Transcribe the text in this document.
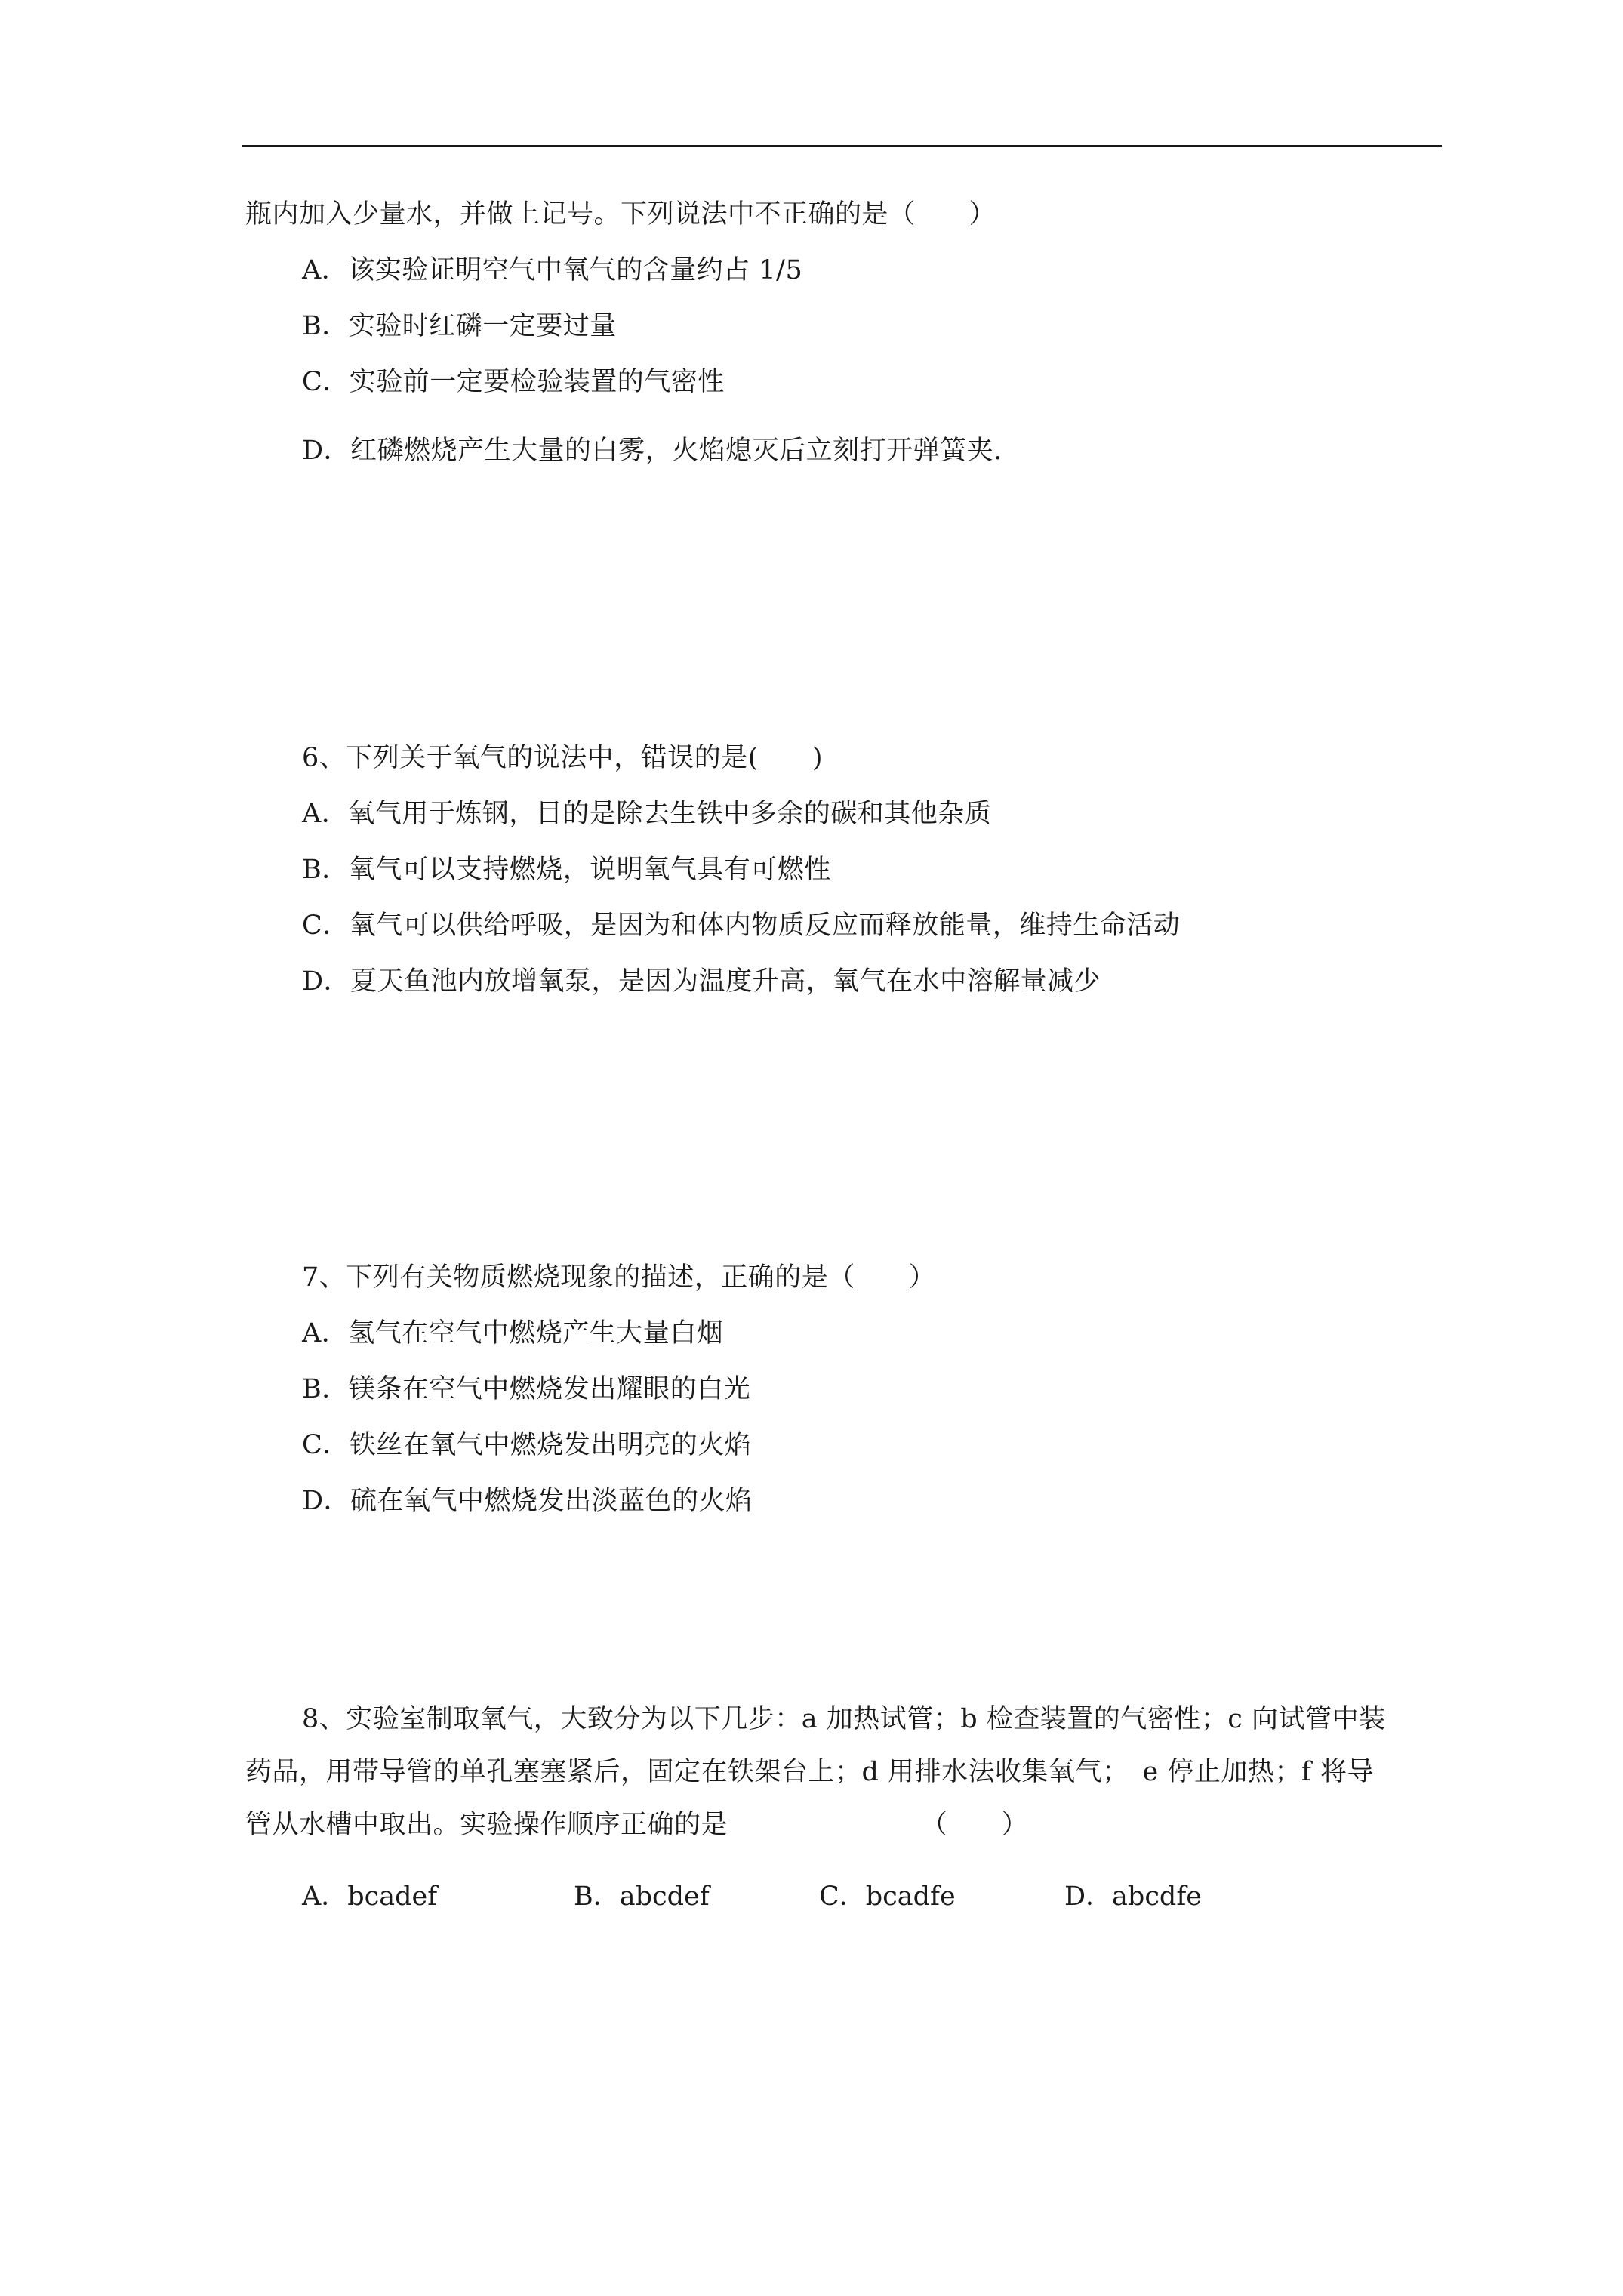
瓶内加入少量水，并做上记号。下列说法中不正确的是（　　）
A．该实验证明空气中氧气的含量约占 1/5
B．实验时红磷一定要过量
C．实验前一定要检验装置的气密性
D．红磷燃烧产生大量的白雾，火焰熄灭后立刻打开弹簧夹.
6、下列关于氧气的说法中，错误的是(　　)
A．氧气用于炼钢，目的是除去生铁中多余的碳和其他杂质
B．氧气可以支持燃烧，说明氧气具有可燃性
C．氧气可以供给呼吸，是因为和体内物质反应而释放能量，维持生命活动
D．夏天鱼池内放增氧泵，是因为温度升高，氧气在水中溶解量减少
7、下列有关物质燃烧现象的描述，正确的是（　　）
A．氢气在空气中燃烧产生大量白烟
B．镁条在空气中燃烧发出耀眼的白光
C．铁丝在氧气中燃烧发出明亮的火焰
D．硫在氧气中燃烧发出淡蓝色的火焰
8、实验室制取氧气，大致分为以下几步：a 加热试管；b 检查装置的气密性；c 向试管中装
药品，用带导管的单孔塞塞紧后，固定在铁架台上；d 用排水法收集氧气；　e 停止加热；f 将导
管从水槽中取出。实验操作顺序正确的是	（　　）
A．bcadef	B．abcdef	C．bcadfe	D．abcdfe
